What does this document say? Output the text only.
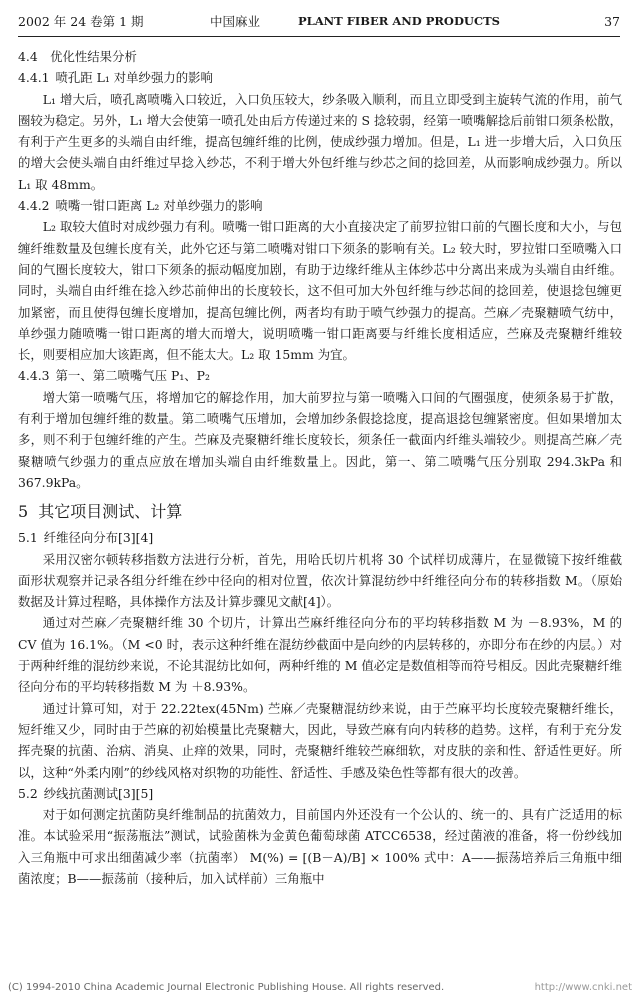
2002 年 24 卷第 1 期	中国麻业	PLANT FIBER AND PRODUCTS	37
4.4　优化性结果分析
4.4.1 喷孔距 L₁ 对单纱强力的影响

L₁ 增大后，喷孔离喷嘴入口较近，入口负压较大，纱条吸入顺利，而且立即受到主旋转气流的作用，前气圈较为稳定。另外，L₁ 增大会使第一喷孔处由后方传递过来的 S 捻较弱，经第一喷嘴解捻后前钳口须条松散，有利于产生更多的头端自由纤维，提高包缠纤维的比例，使成纱强力增加。但是，L₁ 进一步增大后，入口负压的增大会使头端自由纤维过早捻入纱芯，不利于增大外包纤维与纱芯之间的捻回差，从而影响成纱强力。所以 L₁ 取 48mm。

4.4.2 喷嘴一钳口距离 L₂ 对单纱强力的影响

L₂ 取较大值时对成纱强力有利。喷嘴一钳口距离的大小直接决定了前罗拉钳口前的气圈长度和大小，与包缠纤维数量及包缠长度有关，此外它还与第二喷嘴对钳口下须条的影响有关。L₂ 较大时，罗拉钳口至喷嘴入口间的气圈长度较大，钳口下须条的振动幅度加剧，有助于边缘纤维从主体纱芯中分离出来成为头端自由纤维。同时，头端自由纤维在捻入纱芯前伸出的长度较长，这不但可加大外包纤维与纱芯间的捻回差，使退捻包缠更加紧密，而且使得包缠长度增加，提高包缠比例，两者均有助于喷气纱强力的提高。苎麻／壳聚糖喷气纺中，单纱强力随喷嘴一钳口距离的增大而增大，说明喷嘴一钳口距离要与纤维长度相适应，苎麻及壳聚糖纤维较长，则要相应加大该距离，但不能太大。L₂ 取 15mm 为宜。

4.4.3 第一、第二喷嘴气压 P₁、P₂

增大第一喷嘴气压，将增加它的解捻作用，加大前罗拉与第一喷嘴入口间的气圈强度，使须条易于扩散，有利于增加包缠纤维的数量。第二喷嘴气压增加，会增加纱条假捻捻度，提高退捻包缠紧密度。但如果增加太多，则不利于包缠纤维的产生。苎麻及壳聚糖纤维长度较长，须条任一截面内纤维头端较少。则提高苎麻／壳聚糖喷气纱强力的重点应放在增加头端自由纤维数量上。因此，第一、第二喷嘴气压分别取 294.3kPa 和 367.9kPa。

5 其它项目测试、计算
5.1 纤维径向分布[3][4]

采用汉密尔顿转移指数方法进行分析，首先，用哈氏切片机将 30 个试样切成薄片，在显微镜下按纤维截面形状观察并记录各组分纤维在纱中径向的相对位置，依次计算混纺纱中纤维径向分布的转移指数 M。（原始数据及计算过程略，具体操作方法及计算步骤见文献[4]）。

通过对苎麻／壳聚糖纤维 30 个切片，计算出苎麻纤维径向分布的平均转移指数 M 为 －8.93%，M 的 CV 值为 16.1%。（M <0 时，表示这种纤维在混纺纱截面中是向纱的内层转移的，亦即分布在纱的内层。）对于两种纤维的混纺纱来说，不论其混纺比如何，两种纤维的 M 值必定是数值相等而符号相反。因此壳聚糖纤维径向分布的平均转移指数 M 为 ＋8.93%。

通过计算可知，对于 22.22tex(45Nm) 苎麻／壳聚糖混纺纱来说，由于苎麻平均长度较壳聚糖纤维长，短纤维又少，同时由于苎麻的初始模量比壳聚糖大，因此，导致苎麻有向内转移的趋势。这样，有利于充分发挥壳聚的抗菌、治病、消臭、止痒的效果，同时，壳聚糖纤维较苎麻细软，对皮肤的亲和性、舒适性更好。所以，这种“外柔内刚”的纱线风格对织物的功能性、舒适性、手感及染色性等都有很大的改善。

5.2 纱线抗菌测试[3][5]

对于如何测定抗菌防臭纤维制品的抗菌效力，目前国内外还没有一个公认的、统一的、具有广泛适用的标准。本试验采用“振荡瓶法”测试，试验菌株为金黄色葡萄球菌 ATCC6538，经过菌液的准备，将一份纱线加入三角瓶中可求出细菌减少率（抗菌率） M(%) = [(B－A)/B] × 100% 式中：A——振荡培养后三角瓶中细菌浓度；B——振荡前（接种后，加入试样前）三角瓶中

(C) 1994-2010 China Academic Journal Electronic Publishing House. All rights reserved.	http://www.cnki.net
